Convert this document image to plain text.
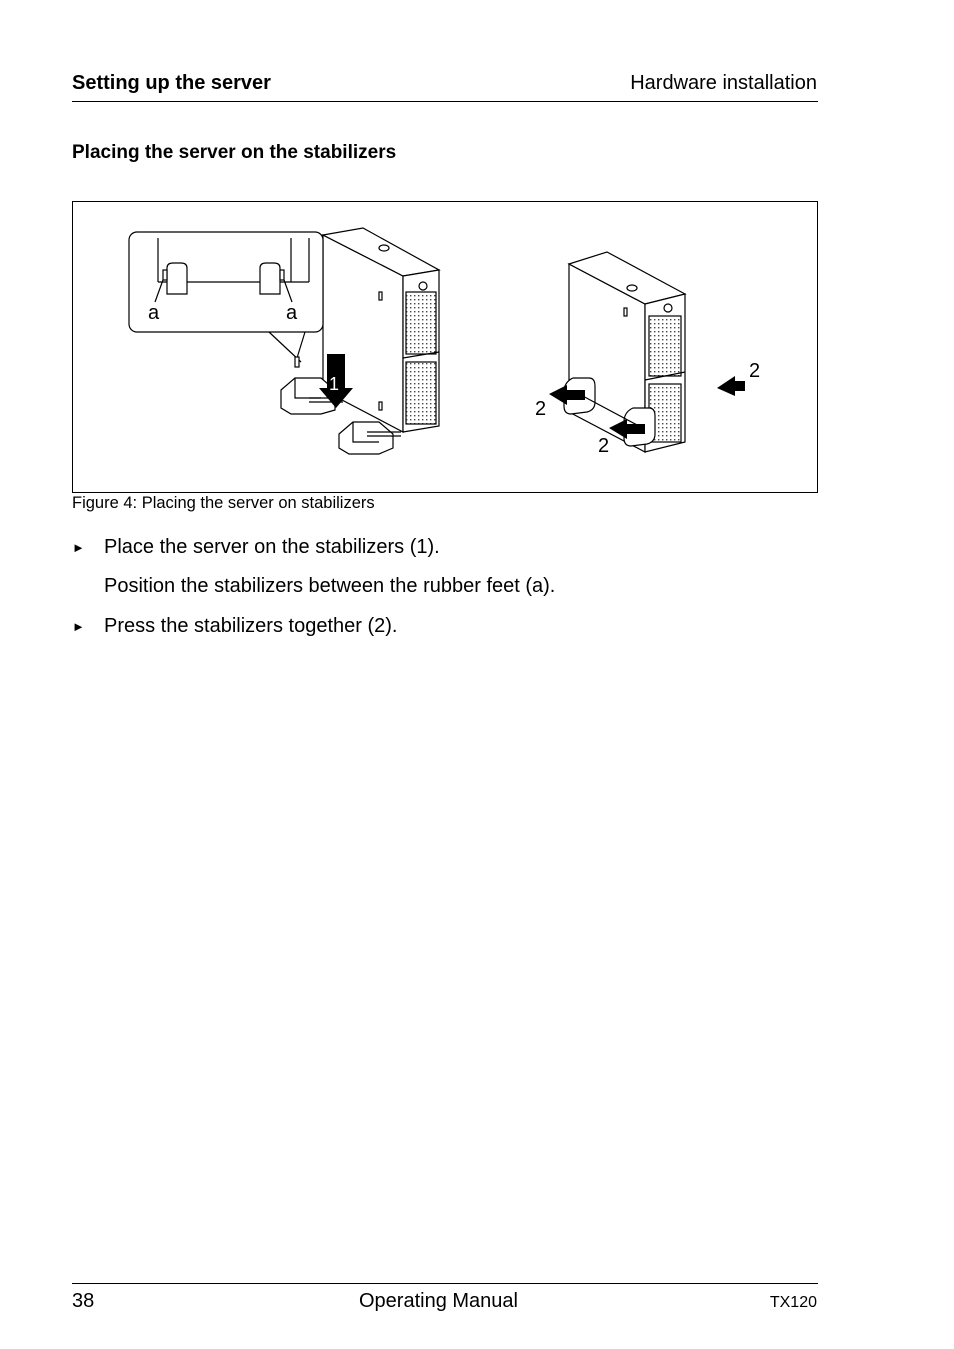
Setting up the server	Hardware installation
Placing the server on the stabilizers
1
a	a
2
2
2
Figure 4: Placing the server on stabilizers
► Place the server on the stabilizers (1).
Position the stabilizers between the rubber feet (a).
► Press the stabilizers together (2).
38	Operating Manual	TX120
